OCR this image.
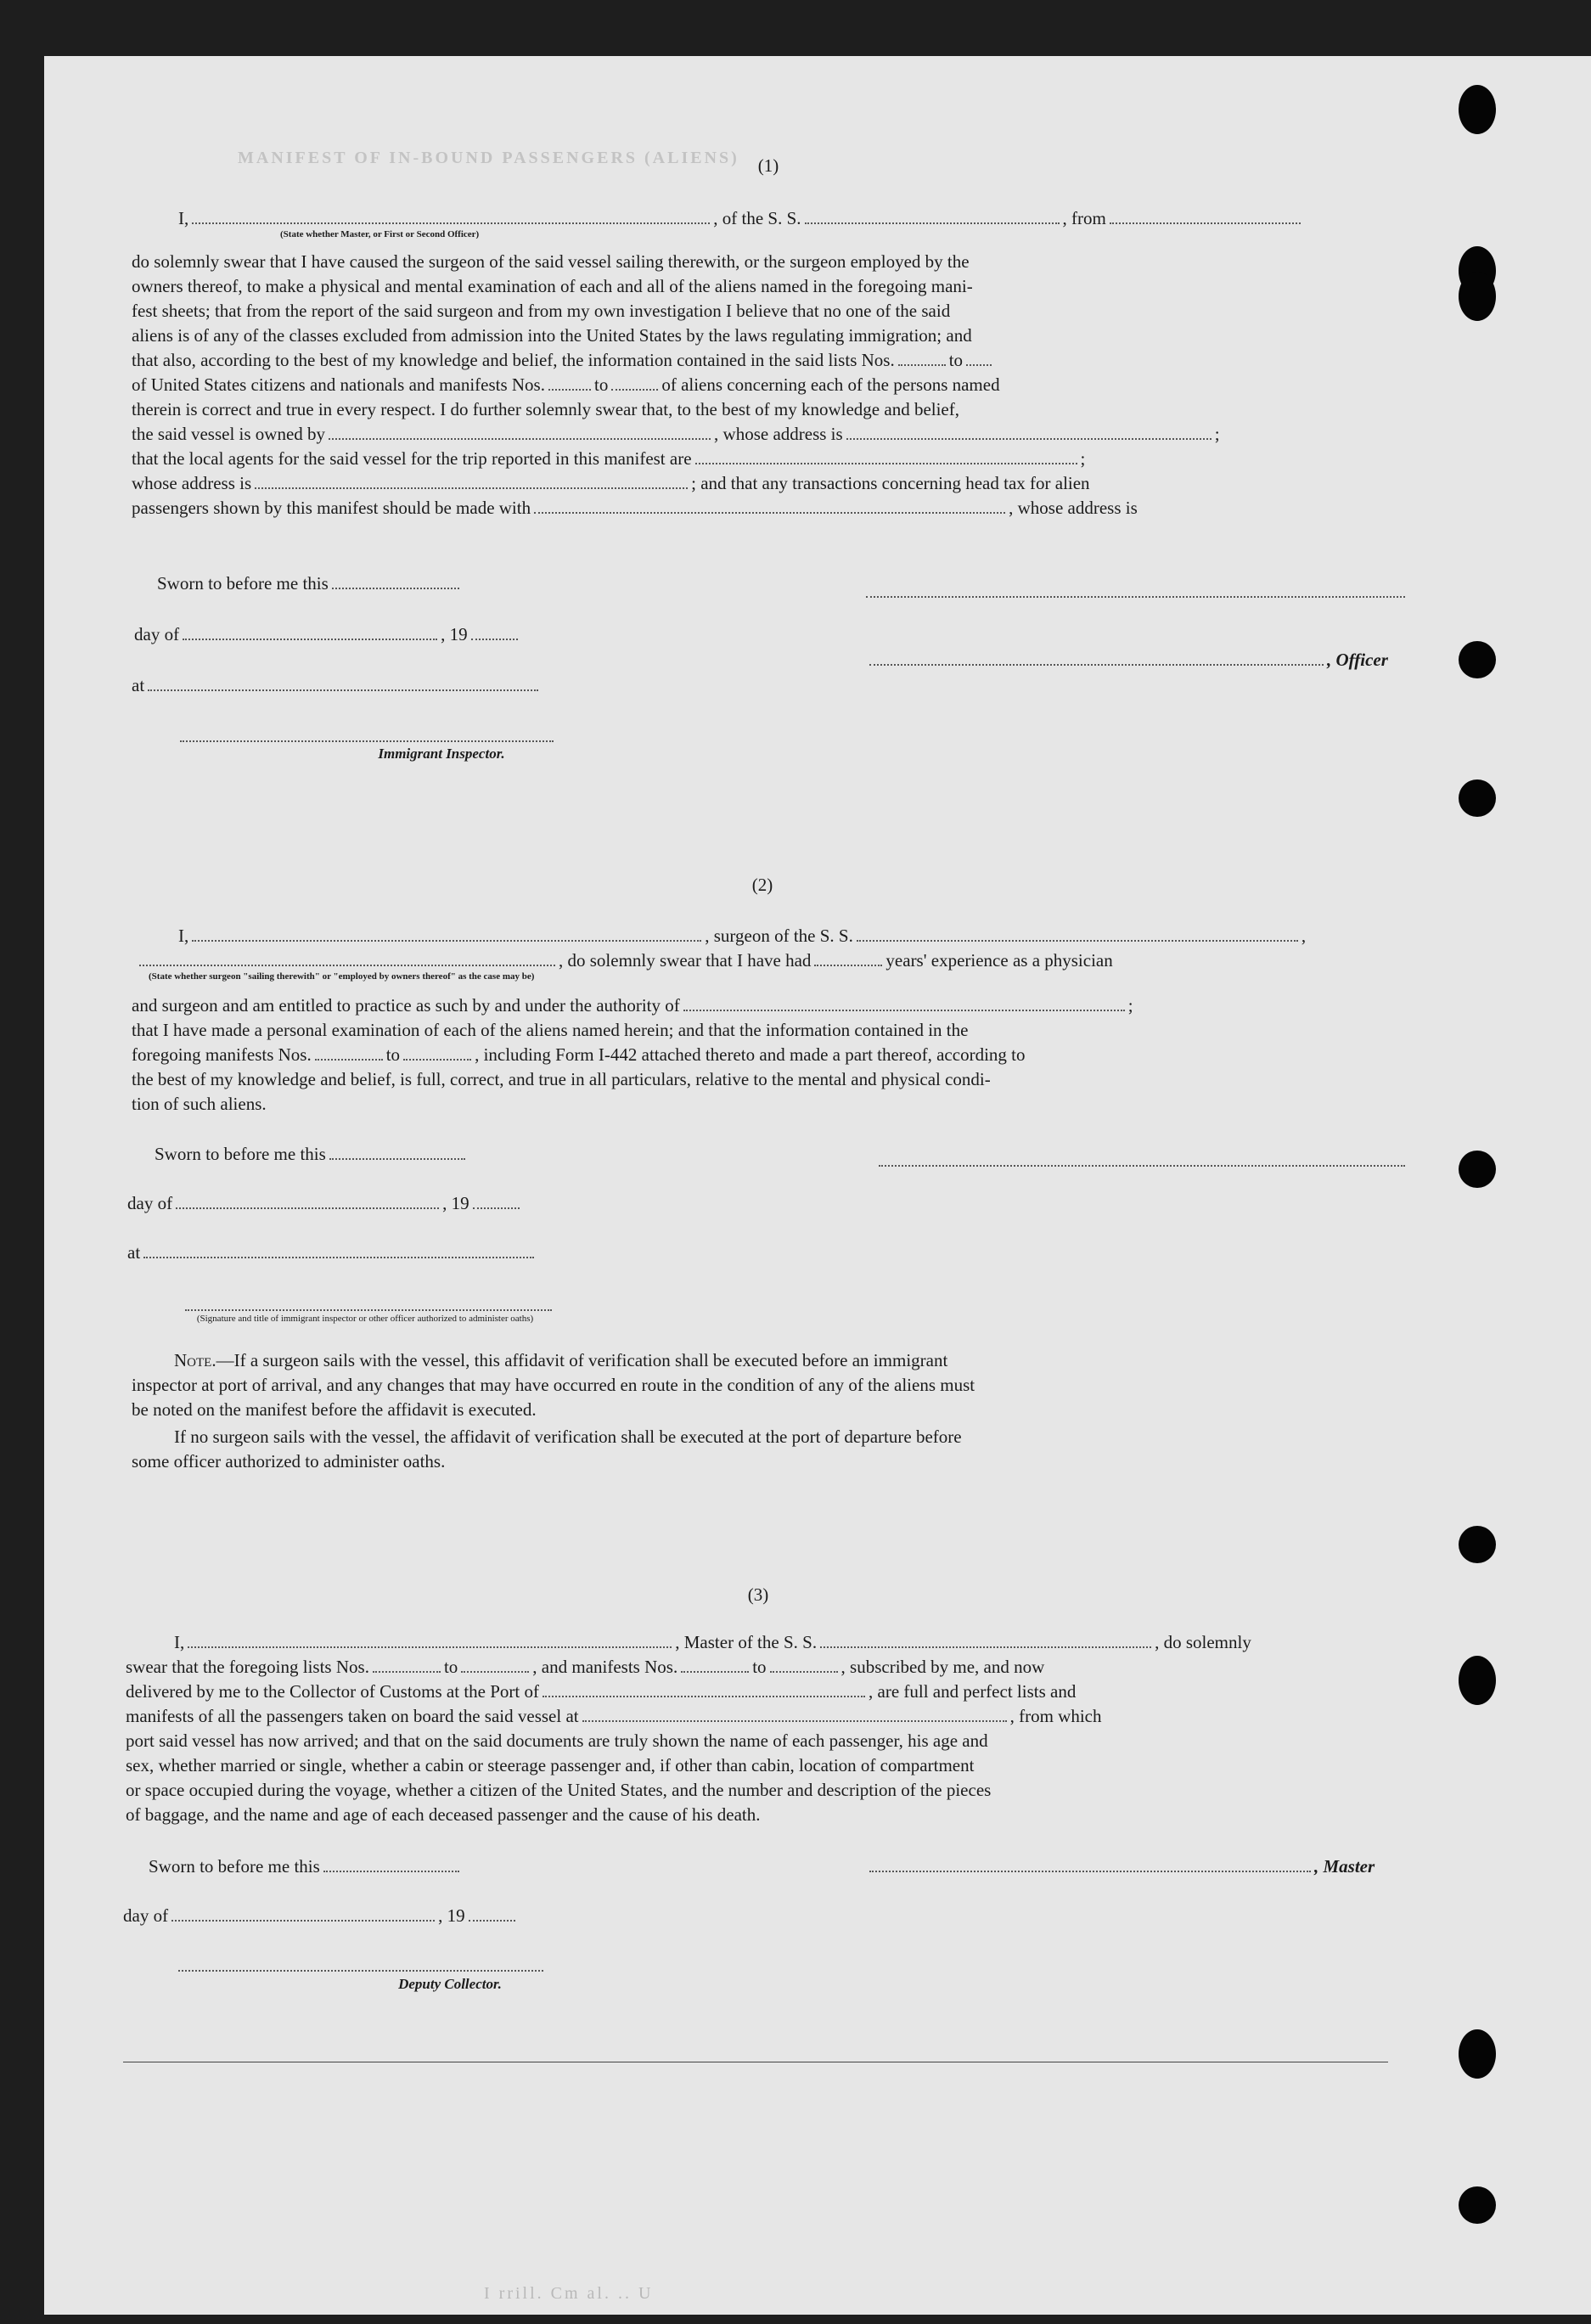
MANIFEST OF IN-BOUND PASSENGERS (ALIENS)
I rrill. Cm al. .. U
(1)
I,	, of the S. S.	, from
(State whether Master, or First or Second Officer)
do solemnly swear that I have caused the surgeon of the said vessel sailing therewith, or the surgeon employed by the
owners thereof, to make a physical and mental examination of each and all of the aliens named in the foregoing mani-
fest sheets; that from the report of the said surgeon and from my own investigation I believe that no one of the said
aliens is of any of the classes excluded from admission into the United States by the laws regulating immigration; and
that also, according to the best of my knowledge and belief, the information contained in the said lists Nos.	to
of United States citizens and nationals and manifests Nos.	to	of aliens concerning each of the persons named
therein is correct and true in every respect. I do further solemnly swear that, to the best of my knowledge and belief,
the said vessel is owned by	, whose address is	;
that the local agents for the said vessel for the trip reported in this manifest are	;
whose address is	; and that any transactions concerning head tax for alien
passengers shown by this manifest should be made with	, whose address is
Sworn to before me this
day of	, 19
, Officer
at
Immigrant Inspector.
(2)
I,	, surgeon of the S. S.	,
, do solemnly swear that I have had	years' experience as a physician
(State whether surgeon "sailing therewith" or "employed by owners thereof" as the case may be)
and surgeon and am entitled to practice as such by and under the authority of	;
that I have made a personal examination of each of the aliens named herein; and that the information contained in the
foregoing manifests Nos.	to	, including Form I-442 attached thereto and made a part thereof, according to
the best of my knowledge and belief, is full, correct, and true in all particulars, relative to the mental and physical condi-
tion of such aliens.
Sworn to before me this
day of	, 19
at
(Signature and title of immigrant inspector or other officer authorized to administer oaths)
Note. —If a surgeon sails with the vessel, this affidavit of verification shall be executed before an immigrant
inspector at port of arrival, and any changes that may have occurred en route in the condition of any of the aliens must
be noted on the manifest before the affidavit is executed.
If no surgeon sails with the vessel, the affidavit of verification shall be executed at the port of departure before
some officer authorized to administer oaths.
(3)
I,	, Master of the S. S.	, do solemnly
swear that the foregoing lists Nos.	to	, and manifests Nos.	to	, subscribed by me, and now
delivered by me to the Collector of Customs at the Port of	, are full and perfect lists and
manifests of all the passengers taken on board the said vessel at	, from which
port said vessel has now arrived; and that on the said documents are truly shown the name of each passenger, his age and
sex, whether married or single, whether a cabin or steerage passenger and, if other than cabin, location of compartment
or space occupied during the voyage, whether a citizen of the United States, and the number and description of the pieces
of baggage, and the name and age of each deceased passenger and the cause of his death.
Sworn to before me this	, Master
day of	, 19
Deputy Collector.
